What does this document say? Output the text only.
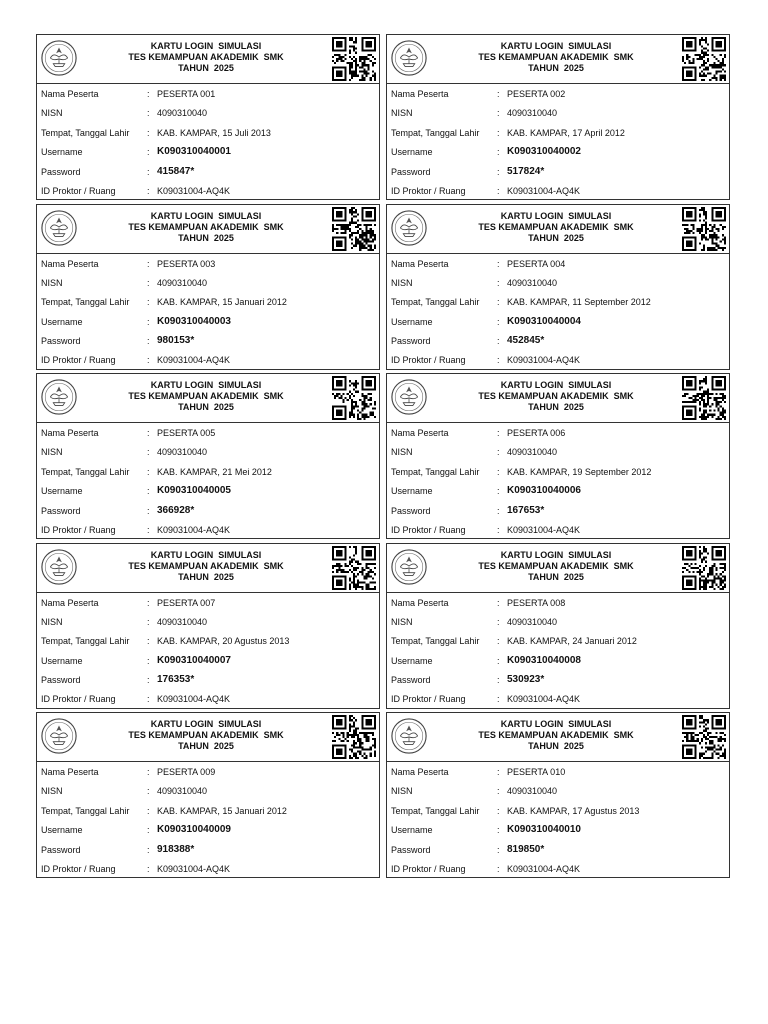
KARTU LOGIN  SIMULASI
TES KEMAMPUAN AKADEMIK  SMK
TAHUN  2025
Nama Peserta	: PESERTA 001
NISN	: 4090310040
Tempat, Tanggal Lahir : KAB. KAMPAR, 15 Juli 2013
Username	: K090310040001
Password	: 415847*
ID Proktor / Ruang	: K09031004-AQ4K
KARTU LOGIN  SIMULASI
TES KEMAMPUAN AKADEMIK  SMK
TAHUN  2025
Nama Peserta	: PESERTA 002
NISN	: 4090310040
Tempat, Tanggal Lahir : KAB. KAMPAR, 17 April 2012
Username	: K090310040002
Password	: 517824*
ID Proktor / Ruang	: K09031004-AQ4K
KARTU LOGIN  SIMULASI
TES KEMAMPUAN AKADEMIK  SMK
TAHUN  2025
Nama Peserta	: PESERTA 003
NISN	: 4090310040
Tempat, Tanggal Lahir : KAB. KAMPAR, 15 Januari 2012
Username	: K090310040003
Password	: 980153*
ID Proktor / Ruang	: K09031004-AQ4K
KARTU LOGIN  SIMULASI
TES KEMAMPUAN AKADEMIK  SMK
TAHUN  2025
Nama Peserta	: PESERTA 004
NISN	: 4090310040
Tempat, Tanggal Lahir : KAB. KAMPAR, 11 September 2012
Username	: K090310040004
Password	: 452845*
ID Proktor / Ruang	: K09031004-AQ4K
KARTU LOGIN  SIMULASI
TES KEMAMPUAN AKADEMIK  SMK
TAHUN  2025
Nama Peserta	: PESERTA 005
NISN	: 4090310040
Tempat, Tanggal Lahir : KAB. KAMPAR, 21 Mei 2012
Username	: K090310040005
Password	: 366928*
ID Proktor / Ruang	: K09031004-AQ4K
KARTU LOGIN  SIMULASI
TES KEMAMPUAN AKADEMIK  SMK
TAHUN  2025
Nama Peserta	: PESERTA 006
NISN	: 4090310040
Tempat, Tanggal Lahir : KAB. KAMPAR, 19 September 2012
Username	: K090310040006
Password	: 167653*
ID Proktor / Ruang	: K09031004-AQ4K
KARTU LOGIN  SIMULASI
TES KEMAMPUAN AKADEMIK  SMK
TAHUN  2025
Nama Peserta	: PESERTA 007
NISN	: 4090310040
Tempat, Tanggal Lahir : KAB. KAMPAR, 20 Agustus 2013
Username	: K090310040007
Password	: 176353*
ID Proktor / Ruang	: K09031004-AQ4K
KARTU LOGIN  SIMULASI
TES KEMAMPUAN AKADEMIK  SMK
TAHUN  2025
Nama Peserta	: PESERTA 008
NISN	: 4090310040
Tempat, Tanggal Lahir : KAB. KAMPAR, 24 Januari 2012
Username	: K090310040008
Password	: 530923*
ID Proktor / Ruang	: K09031004-AQ4K
KARTU LOGIN  SIMULASI
TES KEMAMPUAN AKADEMIK  SMK
TAHUN  2025
Nama Peserta	: PESERTA 009
NISN	: 4090310040
Tempat, Tanggal Lahir : KAB. KAMPAR, 15 Januari 2012
Username	: K090310040009
Password	: 918388*
ID Proktor / Ruang	: K09031004-AQ4K
KARTU LOGIN  SIMULASI
TES KEMAMPUAN AKADEMIK  SMK
TAHUN  2025
Nama Peserta	: PESERTA 010
NISN	: 4090310040
Tempat, Tanggal Lahir : KAB. KAMPAR, 17 Agustus 2013
Username	: K090310040010
Password	: 819850*
ID Proktor / Ruang	: K09031004-AQ4K
